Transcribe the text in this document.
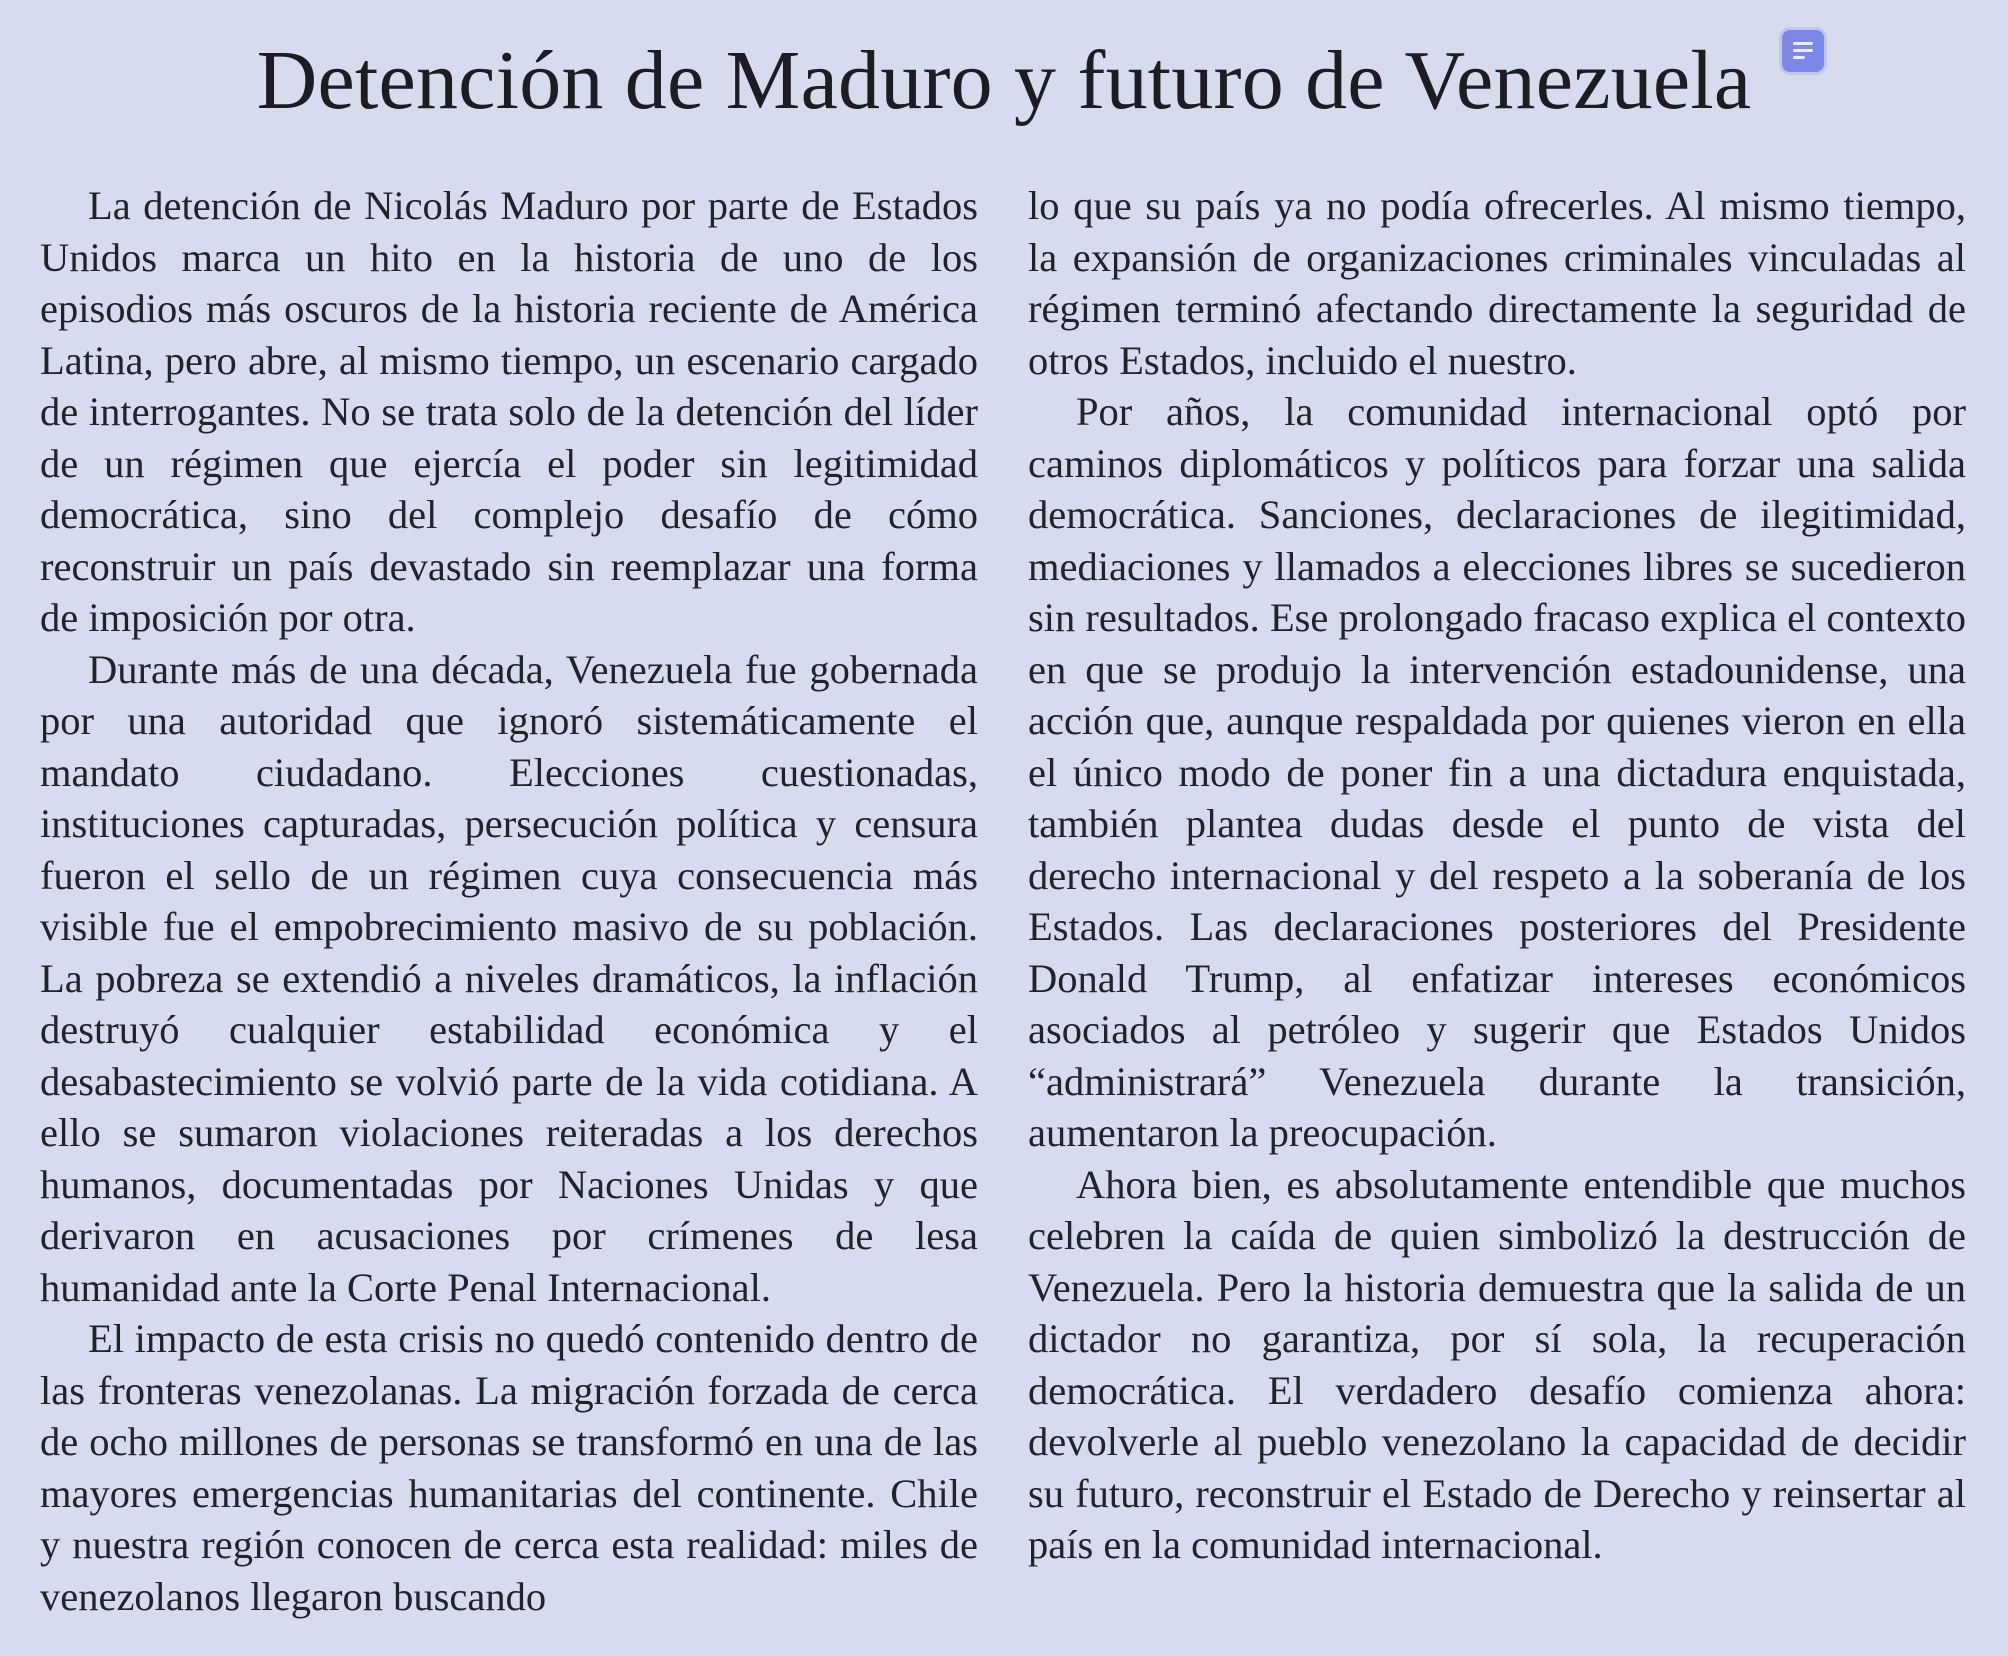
Detención de Maduro y futuro de Venezuela

La detención de Nicolás Maduro por parte de Estados Unidos marca un hito en la historia de uno de los episodios más oscuros de la historia reciente de América Latina, pero abre, al mismo tiempo, un escenario cargado de interrogantes. No se trata solo de la detención del líder de un régimen que ejercía el poder sin legitimidad democrática, sino del complejo desafío de cómo reconstruir un país devastado sin reemplazar una forma de imposición por otra.

Durante más de una década, Venezuela fue gobernada por una autoridad que ignoró sistemáticamente el mandato ciudadano. Elecciones cuestionadas, instituciones capturadas, persecución política y censura fueron el sello de un régimen cuya consecuencia más visible fue el empobrecimiento masivo de su población. La pobreza se extendió a niveles dramáticos, la inflación destruyó cualquier estabilidad económica y el desabastecimiento se volvió parte de la vida cotidiana. A ello se sumaron violaciones reiteradas a los derechos humanos, documentadas por Naciones Unidas y que derivaron en acusaciones por crímenes de lesa humanidad ante la Corte Penal Internacional.

El impacto de esta crisis no quedó contenido dentro de las fronteras venezolanas. La migración forzada de cerca de ocho millones de personas se transformó en una de las mayores emergencias humanitarias del continente. Chile y nuestra región conocen de cerca esta realidad: miles de venezolanos llegaron buscando

lo que su país ya no podía ofrecerles. Al mismo tiempo, la expansión de organizaciones criminales vinculadas al régimen terminó afectando directamente la seguridad de otros Estados, incluido el nuestro.

Por años, la comunidad internacional optó por caminos diplomáticos y políticos para forzar una salida democrática. Sanciones, declaraciones de ilegitimidad, mediaciones y llamados a elecciones libres se sucedieron sin resultados. Ese prolongado fracaso explica el contexto en que se produjo la intervención estadounidense, una acción que, aunque respaldada por quienes vieron en ella el único modo de poner fin a una dictadura enquistada, también plantea dudas desde el punto de vista del derecho internacional y del respeto a la soberanía de los Estados. Las declaraciones posteriores del Presidente Donald Trump, al enfatizar intereses económicos asociados al petróleo y sugerir que Estados Unidos “administrará” Venezuela durante la transición, aumentaron la preocupación.

Ahora bien, es absolutamente entendible que muchos celebren la caída de quien simbolizó la destrucción de Venezuela. Pero la historia demuestra que la salida de un dictador no garantiza, por sí sola, la recuperación democrática. El verdadero desafío comienza ahora: devolverle al pueblo venezolano la capacidad de decidir su futuro, reconstruir el Estado de Derecho y reinsertar al país en la comunidad internacional.
